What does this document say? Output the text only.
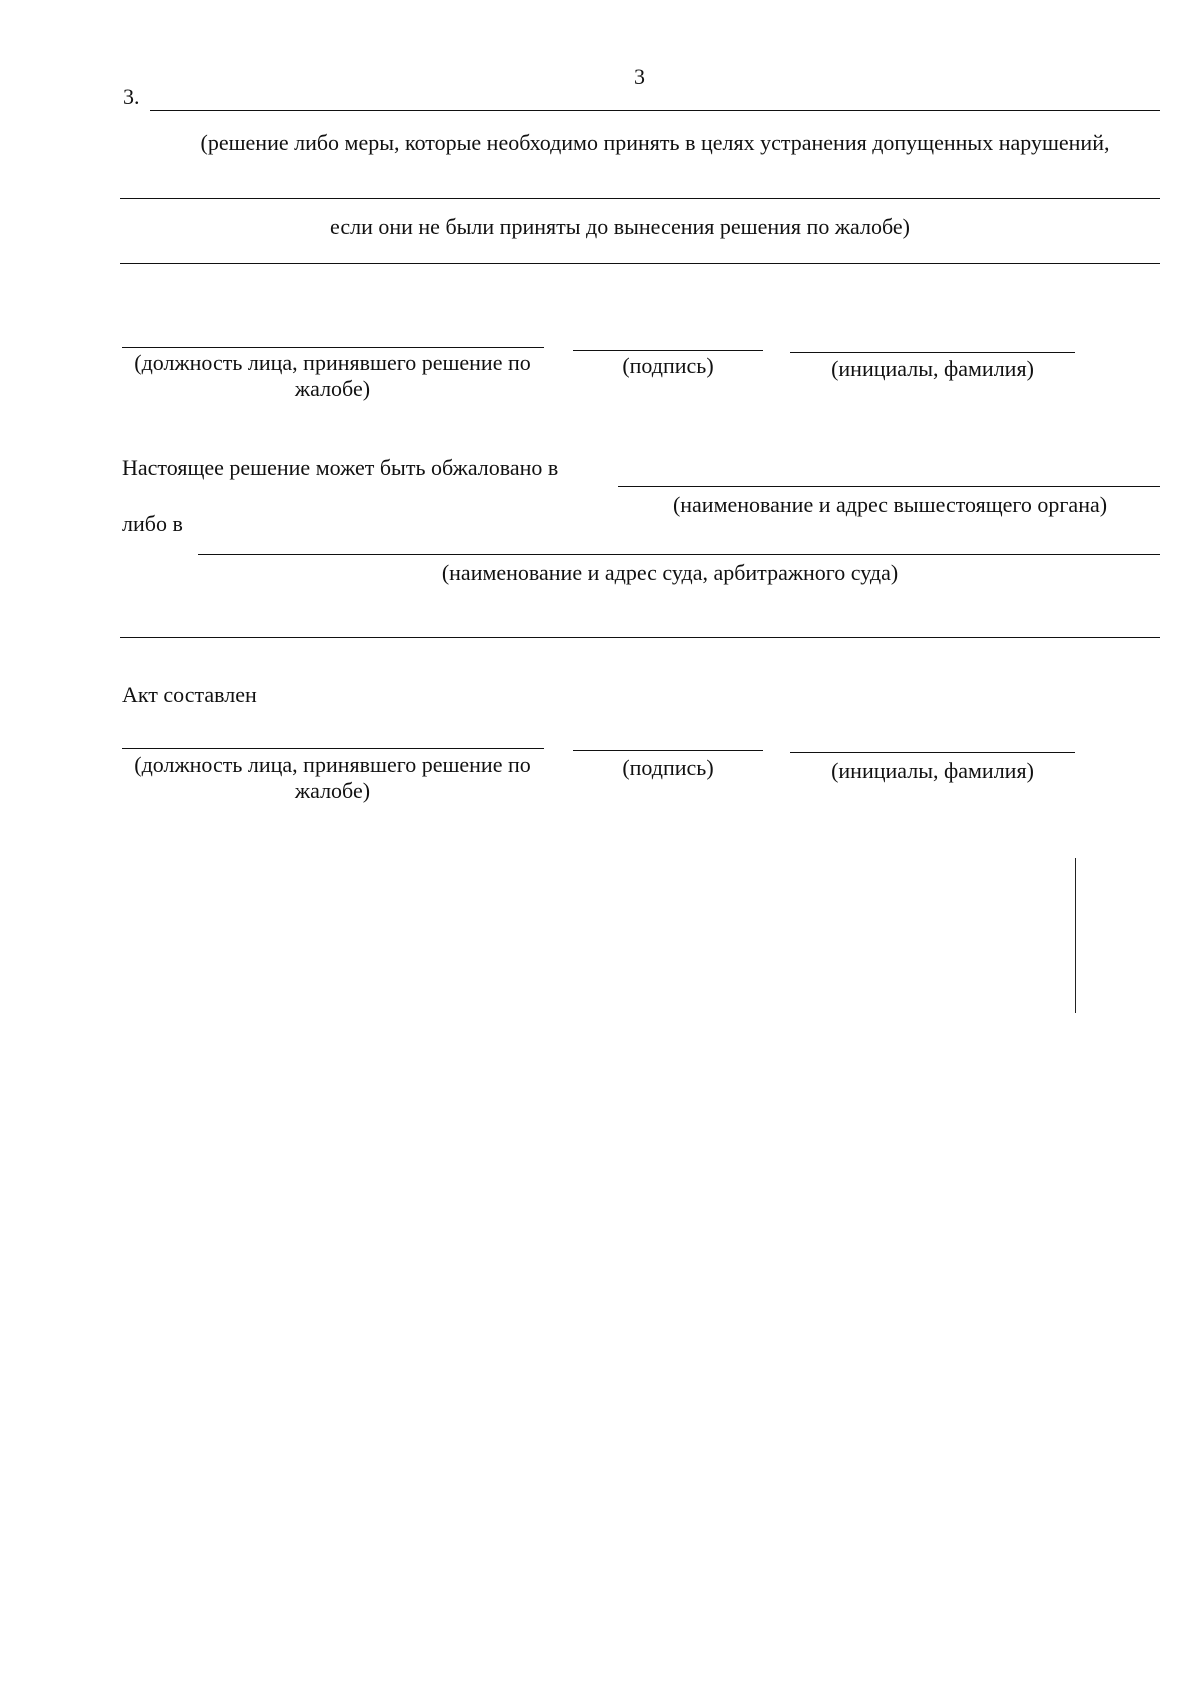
3
3.
(решение либо меры, которые необходимо принять в целях устранения допущенных нарушений,
если они не были приняты до вынесения решения по жалобе)
(должность лица, принявшего решение по жалобе)
(подпись)	(инициалы, фамилия)
Настоящее решение может быть обжаловано в
(наименование и адрес вышестоящего органа)
либо в
(наименование и адрес суда, арбитражного суда)
Акт составлен
(должность лица, принявшего решение по жалобе)
(подпись)	(инициалы, фамилия)
